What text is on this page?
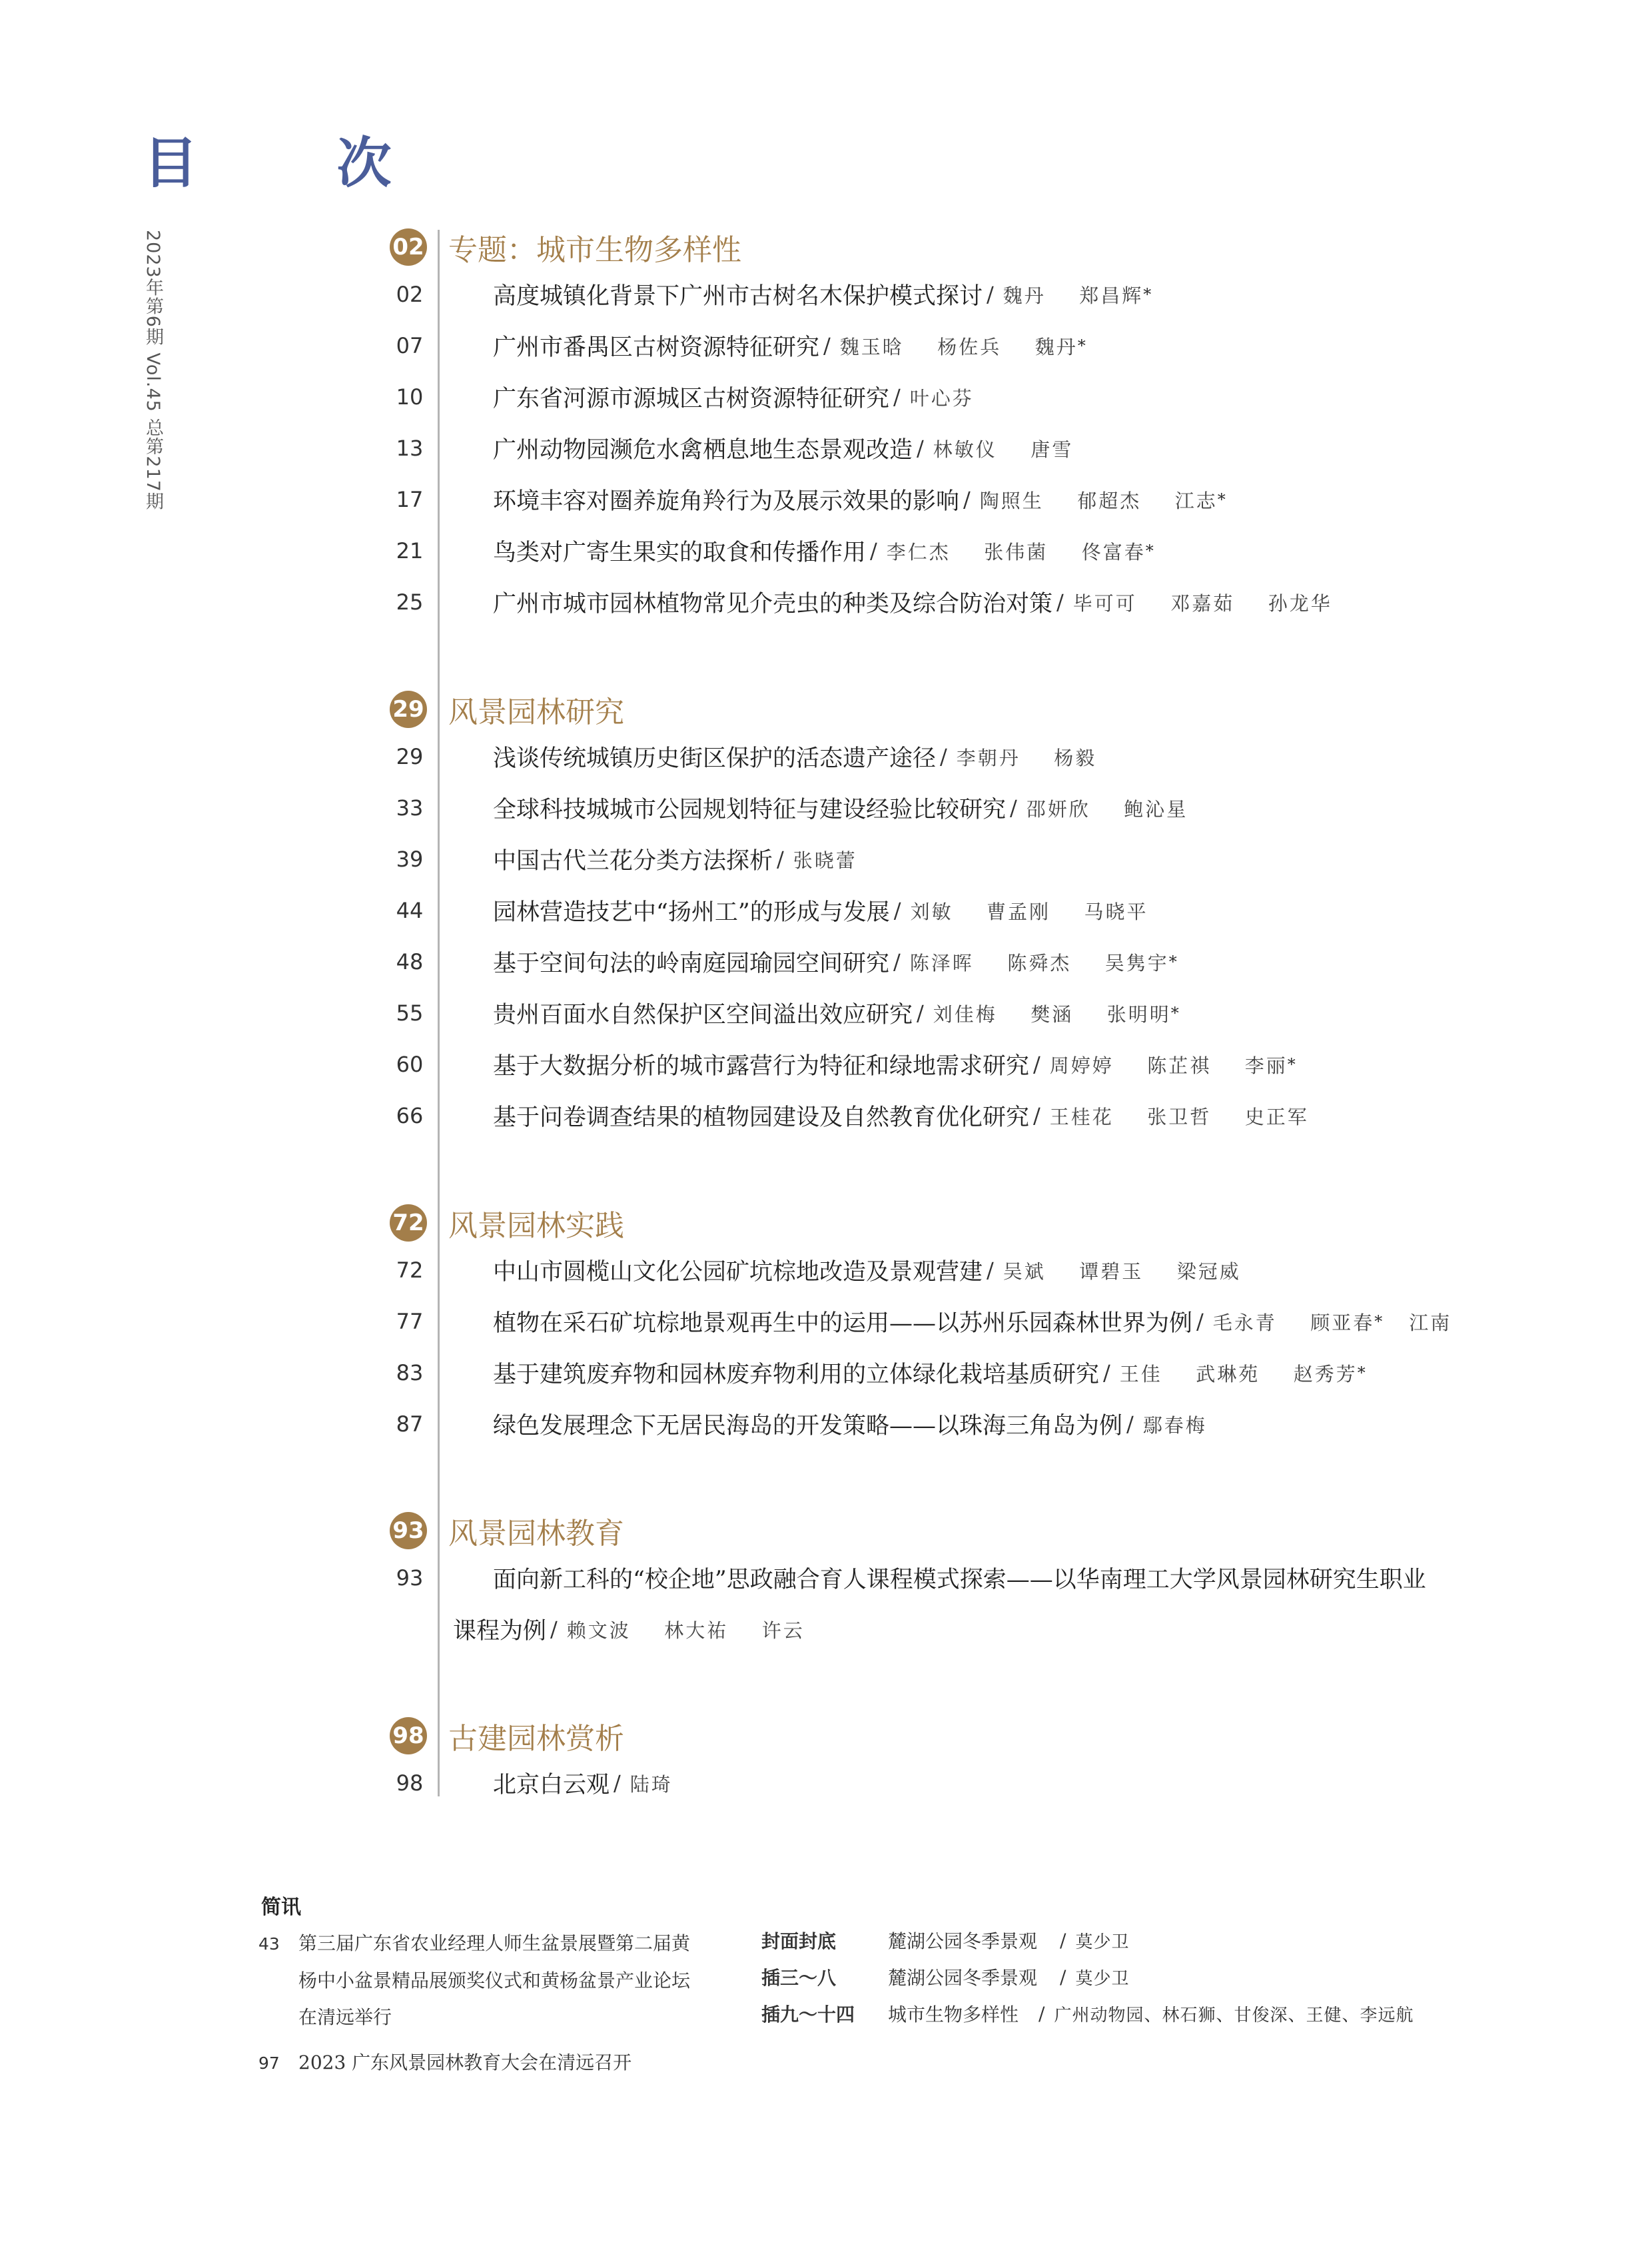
目 次
2023年第6期 Vol.45 总第217期	02 专题：城市生物多样性
02	高度城镇化背景下广州市古树名木保护模式探讨 / 魏丹 郑昌辉 *
07	广州市番禺区古树资源特征研究 / 魏玉晗 杨佐兵 魏丹 *
10	广东省河源市源城区古树资源特征研究 / 叶心芬
13	广州动物园濒危水禽栖息地生态景观改造 / 林敏仪 唐雪
17	环境丰容对圈养旋角羚行为及展示效果的影响 / 陶照生 郁超杰 江志 *
21	鸟类对广寄生果实的取食和传播作用 / 李仁杰 张伟菌 佟富春 *
25	广州市城市园林植物常见介壳虫的种类及综合防治对策 / 毕可可 邓嘉茹 孙龙华
29 风景园林研究
29	浅谈传统城镇历史街区保护的活态遗产途径 / 李朝丹 杨毅
33	全球科技城城市公园规划特征与建设经验比较研究 / 邵妍欣 鲍沁星
39	中国古代兰花分类方法探析 / 张晓蕾
44	园林营造技艺中“扬州工”的形成与发展 / 刘敏 曹孟刚 马晓平
48	基于空间句法的岭南庭园瑜园空间研究 / 陈泽晖 陈舜杰 吴隽宇 *
55	贵州百面水自然保护区空间溢出效应研究 / 刘佳梅 樊涵 张明明 *
60	基于大数据分析的城市露营行为特征和绿地需求研究 / 周婷婷 陈芷祺 李丽 *
66	基于问卷调查结果的植物园建设及自然教育优化研究 / 王桂花 张卫哲 史正军
72 风景园林实践
72	中山市圆榄山文化公园矿坑棕地改造及景观营建 / 吴斌 谭碧玉 梁冠威
77	植物在采石矿坑棕地景观再生中的运用——以苏州乐园森林世界为例 / 毛永青 顾亚春 * 江南
83	基于建筑废弃物和园林废弃物利用的立体绿化栽培基质研究 / 王佳 武琳苑 赵秀芳 *
87	绿色发展理念下无居民海岛的开发策略——以珠海三角岛为例 / 鄢春梅
93 风景园林教育
93	面向新工科的“校企地”思政融合育人课程模式探索——以华南理工大学风景园林研究生职业
课程为例 / 赖文波 林大祐 许云
98 古建园林赏析
98	北京白云观 / 陆琦
简讯
43 第三届广东省农业经理人师生盆景展暨第二届黄
杨中小盆景精品展颁奖仪式和黄杨盆景产业论坛
在清远举行
97 2023 广东风景园林教育大会在清远召开
封面封底	麓湖公园冬季景观 / 莫少卫
插三～八	麓湖公园冬季景观 / 莫少卫
插九～十四	城市生物多样性 / 广州动物园、林石狮、甘俊深、王健、李远航
